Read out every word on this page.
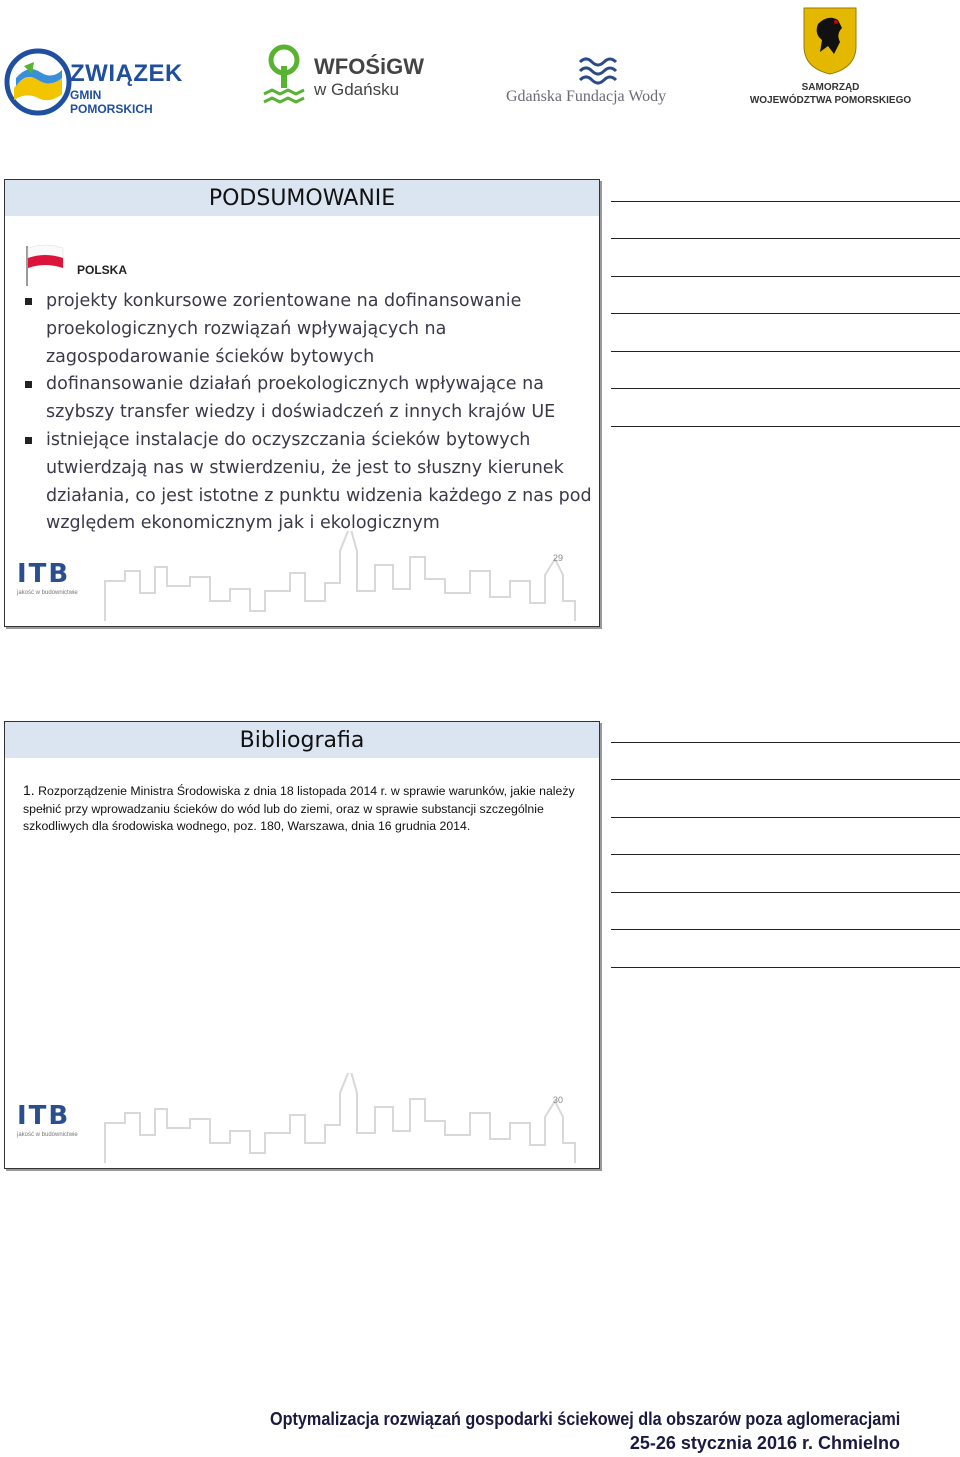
ZWIĄZEK
GMIN POMORSKICH
WFOŚiGW
w Gdańsku	Gdańska Fundacja Wody
SAMORZĄD
WOJEWÓDZTWA POMORSKIEGO
PODSUMOWANIE
POLSKA
projekty konkursowe zorientowane na dofinansowanie proekologicznych rozwiązań wpływających na zagospodarowanie ścieków bytowych
dofinansowanie działań proekologicznych wpływające na szybszy transfer wiedzy i doświadczeń z innych krajów UE
istniejące instalacje do oczyszczania ścieków bytowych utwierdzają nas w stwierdzeniu, że jest to słuszny kierunek działania, co jest istotne z punktu widzenia każdego z nas pod względem ekonomicznym jak i ekologicznym
ITB
jakość w budownictwie
29
Bibliografia
1. Rozporządzenie Ministra Środowiska z dnia 18 listopada 2014 r. w sprawie warunków, jakie należy spełnić przy wprowadzaniu ścieków do wód lub do ziemi, oraz w sprawie substancji szczególnie szkodliwych dla środowiska wodnego, poz. 180, Warszawa, dnia 16 grudnia 2014.
ITB
jakość w budownictwie
30
Optymalizacja rozwiązań gospodarki ściekowej dla obszarów poza aglomeracjami
25-26 stycznia 2016 r. Chmielno
